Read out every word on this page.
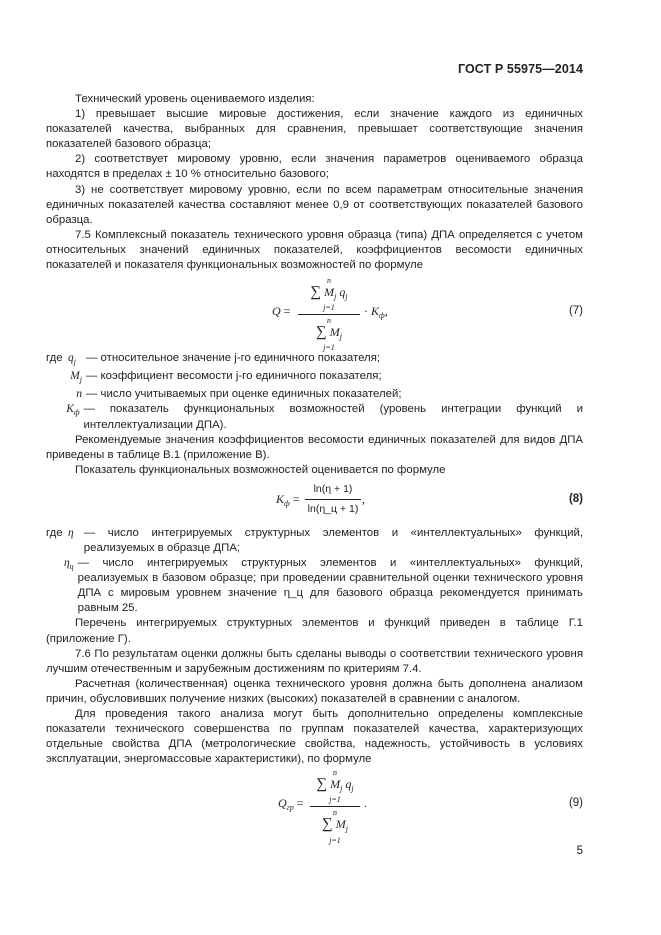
ГОСТ Р 55975—2014

Технический уровень оцениваемого изделия:

1) превышает высшие мировые достижения, если значение каждого из единичных показателей качества, выбранных для сравнения, превышает соответствующие значения показателей базового образца;

2) соответствует мировому уровню, если значения параметров оцениваемого образца находятся в пределах ± 10 % относительно базового;

3) не соответствует мировому уровню, если по всем параметрам относительные значения единичных показателей качества составляют менее 0,9 от соответствующих показателей базового образца.

7.5 Комплексный показатель технического уровня образца (типа) ДПА определяется с учетом относительных значений единичных показателей, коэффициентов весомости единичных показателей и показателя функциональных возможностей по формуле

Q =
n
∑ $M_j$ $q_j$
j=1
n
∑ $M_j$
j=1
· $K_ф$,	(7)
где $q_j$ — относительное значение j-го единичного показателя;
$M_j$ — коэффициент весомости j-го единичного показателя;
n — число учитываемых при оценке единичных показателей;
$K_ф$ — показатель функциональных возможностей (уровень интеграции функций и интеллектуализации ДПА).

Рекомендуемые значения коэффициентов весомости единичных показателей для видов ДПА приведены в таблице В.1 (приложение В).

Показатель функциональных возможностей оценивается по формуле

$K_ф$ =
ln(η + 1)
ln(η_ц + 1)
,	(8)
где η — число интегрируемых структурных элементов и «интеллектуальных» функций, реализуемых в образце ДПА;
$\eta_ц$ — число интегрируемых структурных элементов и «интеллектуальных» функций, реализуемых в базовом образце; при проведении сравнительной оценки технического уровня ДПА с мировым уровнем значение η_ц для базового образца рекомендуется принимать равным 25.

Перечень интегрируемых структурных элементов и функций приведен в таблице Г.1 (приложение Г).

7.6 По результатам оценки должны быть сделаны выводы о соответствии технического уровня лучшим отечественным и зарубежным достижениям по критериям 7.4.

Расчетная (количественная) оценка технического уровня должна быть дополнена анализом причин, обусловивших получение низких (высоких) показателей в сравнении с аналогом.

Для проведения такого анализа могут быть дополнительно определены комплексные показатели технического совершенства по группам показателей качества, характеризующих отдельные свойства ДПА (метрологические свойства, надежность, устойчивость в условиях эксплуатации, энергомассовые характеристики), по формуле

$Q_{гр}$ =
n
∑ $M_j$ $q_j$
j=1
n
∑ $M_j$
j=1
.	(9)
5
